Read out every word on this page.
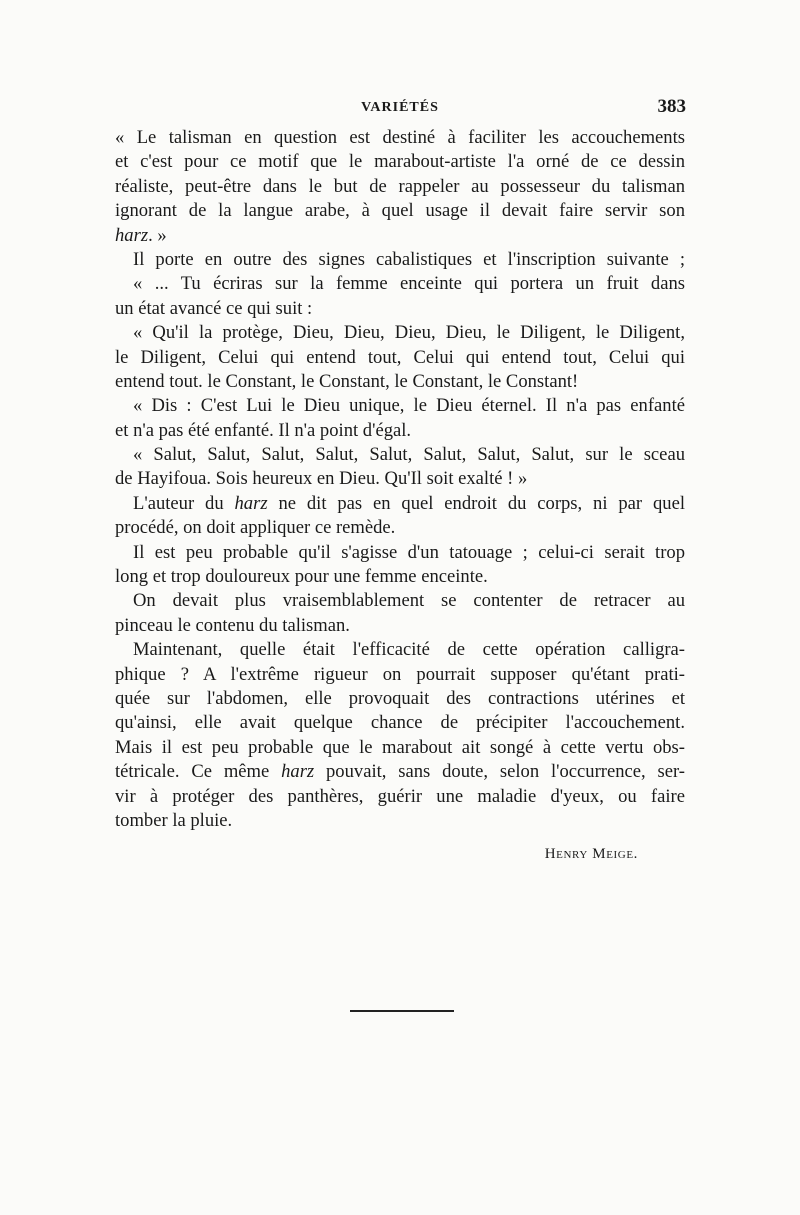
VARIÉTÉS	383
« Le talisman en question est destiné à faciliter les accouchements
et c'est pour ce motif que le marabout-artiste l'a orné de ce dessin
réaliste, peut-être dans le but de rappeler au possesseur du talisman
ignorant de la langue arabe, à quel usage il devait faire servir son
harz. »
Il porte en outre des signes cabalistiques et l'inscription suivante ;
« ... Tu écriras sur la femme enceinte qui portera un fruit dans
un état avancé ce qui suit :
« Qu'il la protège, Dieu, Dieu, Dieu, Dieu, le Diligent, le Diligent,
le Diligent, Celui qui entend tout, Celui qui entend tout, Celui qui
entend tout. le Constant, le Constant, le Constant, le Constant!
« Dis : C'est Lui le Dieu unique, le Dieu éternel. Il n'a pas enfanté
et n'a pas été enfanté. Il n'a point d'égal.
« Salut, Salut, Salut, Salut, Salut, Salut, Salut, Salut, sur le sceau
de Hayifoua. Sois heureux en Dieu. Qu'Il soit exalté ! »
L'auteur du harz ne dit pas en quel endroit du corps, ni par quel
procédé, on doit appliquer ce remède.
Il est peu probable qu'il s'agisse d'un tatouage ; celui-ci serait trop
long et trop douloureux pour une femme enceinte.
On devait plus vraisemblablement se contenter de retracer au
pinceau le contenu du talisman.
Maintenant, quelle était l'efficacité de cette opération calligra-
phique ? A l'extrême rigueur on pourrait supposer qu'étant prati-
quée sur l'abdomen, elle provoquait des contractions utérines et
qu'ainsi, elle avait quelque chance de précipiter l'accouchement.
Mais il est peu probable que le marabout ait songé à cette vertu obs-
tétricale. Ce même harz pouvait, sans doute, selon l'occurrence, ser-
vir à protéger des panthères, guérir une maladie d'yeux, ou faire
tomber la pluie.
Henry Meige.
